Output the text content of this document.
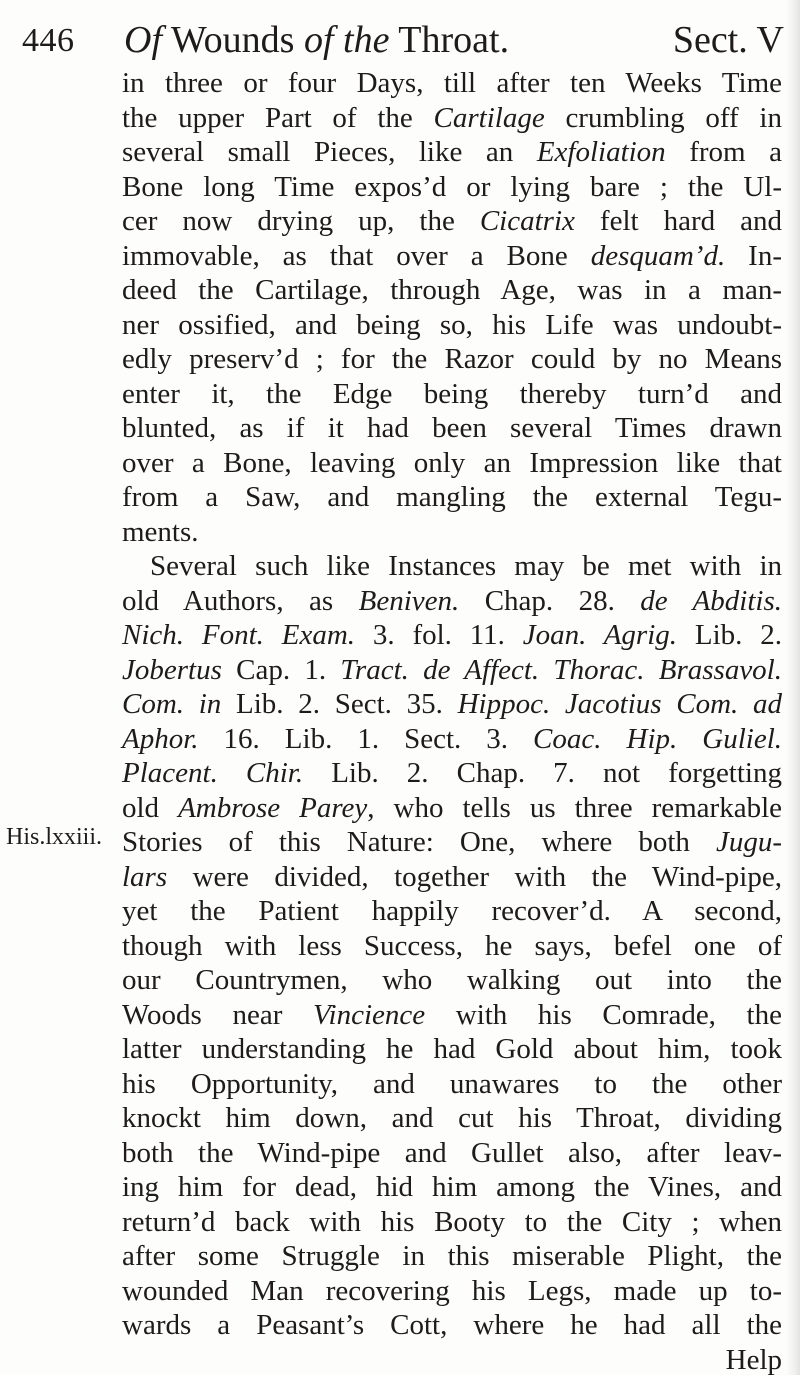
446 Of Wounds of the Throat.	Sect. V
His.lxxiii.
in three or four Days, till after ten Weeks Time
the upper Part of the Cartilage crumbling off in
several small Pieces, like an Exfoliation from a
Bone long Time expos’d or lying bare ; the Ul-
cer now drying up, the Cicatrix felt hard and
immovable, as that over a Bone desquam’d. In-
deed the Cartilage, through Age, was in a man-
ner ossified, and being so, his Life was undoubt-
edly preserv’d ; for the Razor could by no Means
enter it, the Edge being thereby turn’d and
blunted, as if it had been several Times drawn
over a Bone, leaving only an Impression like that
from a Saw, and mangling the external Tegu-
ments.
Several such like Instances may be met with in
old Authors, as Beniven. Chap. 28. de Abditis.
Nich. Font. Exam. 3. fol. 11. Joan. Agrig. Lib. 2.
Jobertus Cap. 1. Tract. de Affect. Thorac. Brassavol.
Com. in Lib. 2. Sect. 35. Hippoc. Jacotius Com. ad
Aphor. 16. Lib. 1. Sect. 3. Coac. Hip. Guliel.
Placent. Chir. Lib. 2. Chap. 7. not forgetting
old Ambrose Parey, who tells us three remarkable
Stories of this Nature: One, where both Jugu-
lars were divided, together with the Wind-pipe,
yet the Patient happily recover’d. A second,
though with less Success, he says, befel one of
our Countrymen, who walking out into the
Woods near Vincience with his Comrade, the
latter understanding he had Gold about him, took
his Opportunity, and unawares to the other
knockt him down, and cut his Throat, dividing
both the Wind-pipe and Gullet also, after leav-
ing him for dead, hid him among the Vines, and
return’d back with his Booty to the City ; when
after some Struggle in this miserable Plight, the
wounded Man recovering his Legs, made up to-
wards a Peasant’s Cott, where he had all the
Help
